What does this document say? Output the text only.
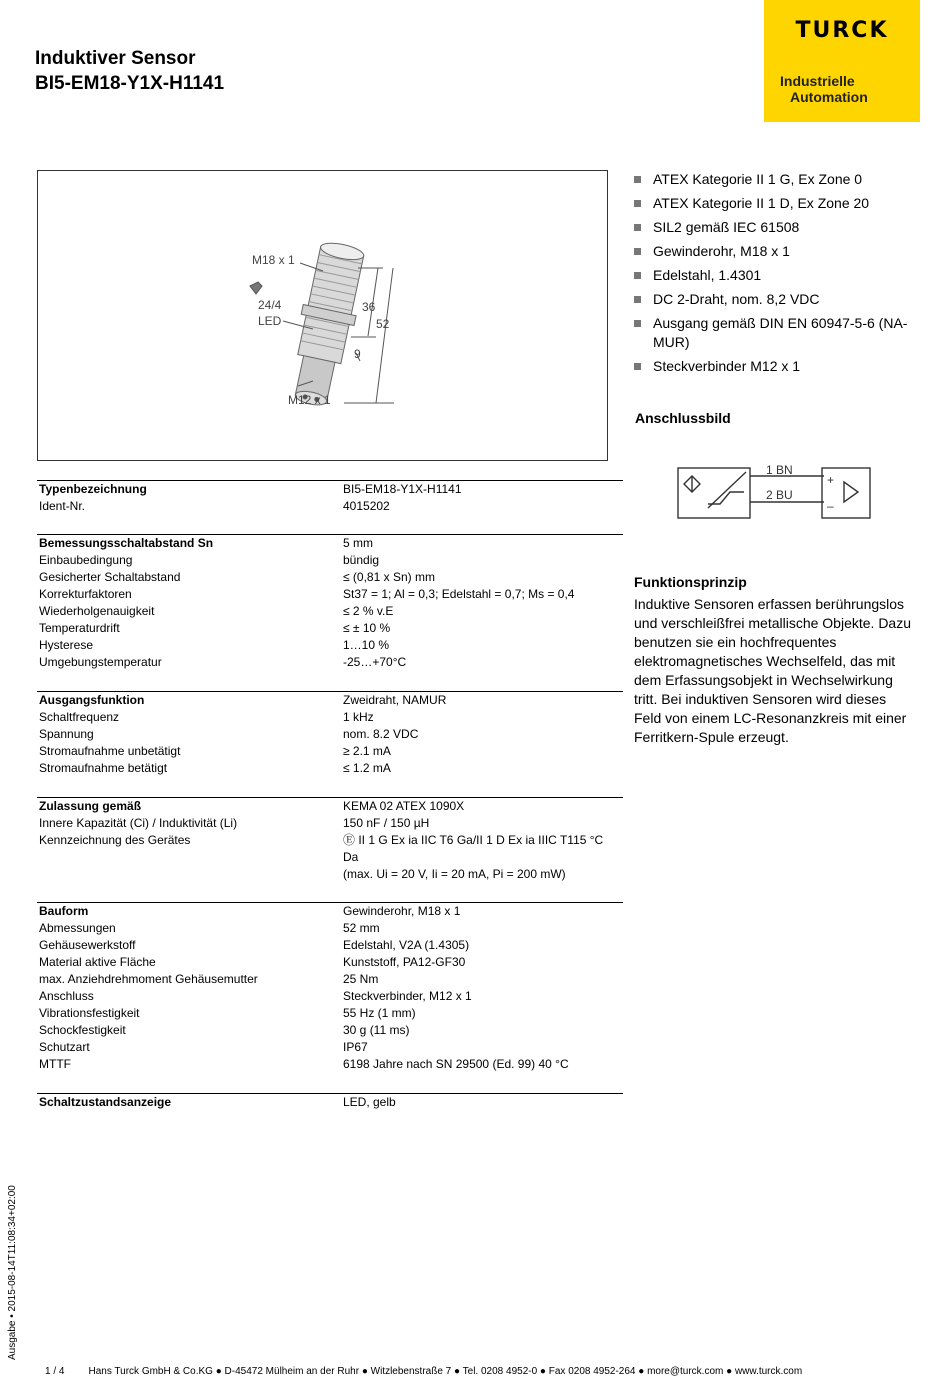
Induktiver Sensor
BI5-EM18-Y1X-H1141
TURCK
Industrielle
Automation
M18 x 1
24/4
LED
36
52
9
M12 x 1
ATEX Kategorie II 1 G, Ex Zone 0
ATEX Kategorie II 1 D, Ex Zone 20
SIL2 gemäß IEC 61508
Gewinderohr, M18 x 1
Edelstahl, 1.4301
DC 2-Draht, nom. 8,2 VDC
Ausgang gemäß DIN EN 60947-5-6 (NA-MUR)
Steckverbinder M12 x 1
Anschlussbild
1 BN
2 BU
+
–
Funktionsprinzip
Induktive Sensoren erfassen berührungslos und verschleißfrei metallische Objekte. Dazu benutzen sie ein hochfrequentes elektromagnetisches Wechselfeld, das mit dem Erfassungsobjekt in Wechselwirkung tritt. Bei induktiven Sensoren wird dieses Feld von einem LC-Resonanzkreis mit einer Ferritkern-Spule erzeugt.
Typenbezeichnung	BI5-EM18-Y1X-H1141
Ident-Nr.	4015202
Bemessungsschaltabstand Sn	5 mm
Einbaubedingung	bündig
Gesicherter Schaltabstand	≤ (0,81 x Sn) mm
Korrekturfaktoren	St37 = 1; Al = 0,3; Edelstahl = 0,7; Ms = 0,4
Wiederholgenauigkeit	≤ 2 % v.E
Temperaturdrift	≤ ± 10 %
Hysterese	1…10 %
Umgebungstemperatur	-25…+70°C
Ausgangsfunktion	Zweidraht, NAMUR
Schaltfrequenz	1 kHz
Spannung	nom. 8.2 VDC
Stromaufnahme unbetätigt	≥ 2.1 mA
Stromaufnahme betätigt	≤ 1.2 mA
Zulassung gemäß	KEMA 02 ATEX 1090X
Innere Kapazität (Ci) / Induktivität (Li)	150 nF / 150 µH
Kennzeichnung des Gerätes	Ⓔ II 1 G Ex ia IIC T6 Ga/II 1 D Ex ia IIIC T115 °C
Da
(max. Ui = 20 V, Ii = 20 mA, Pi = 200 mW)
Bauform	Gewinderohr, M18 x 1
Abmessungen	52 mm
Gehäusewerkstoff	Edelstahl, V2A (1.4305)
Material aktive Fläche	Kunststoff, PA12-GF30
max. Anziehdrehmoment Gehäusemutter	25 Nm
Anschluss	Steckverbinder, M12 x 1
Vibrationsfestigkeit	55 Hz (1 mm)
Schockfestigkeit	30 g (11 ms)
Schutzart	IP67
MTTF	6198 Jahre nach SN 29500 (Ed. 99) 40 °C
Schaltzustandsanzeige	LED, gelb
Ausgabe • 2015-08-14T11:08:34+02:00
1 / 4 Hans Turck GmbH & Co.KG ● D-45472 Mülheim an der Ruhr ● Witzlebenstraße 7 ● Tel. 0208 4952-0 ● Fax 0208 4952-264 ● more@turck.com ● www.turck.com
